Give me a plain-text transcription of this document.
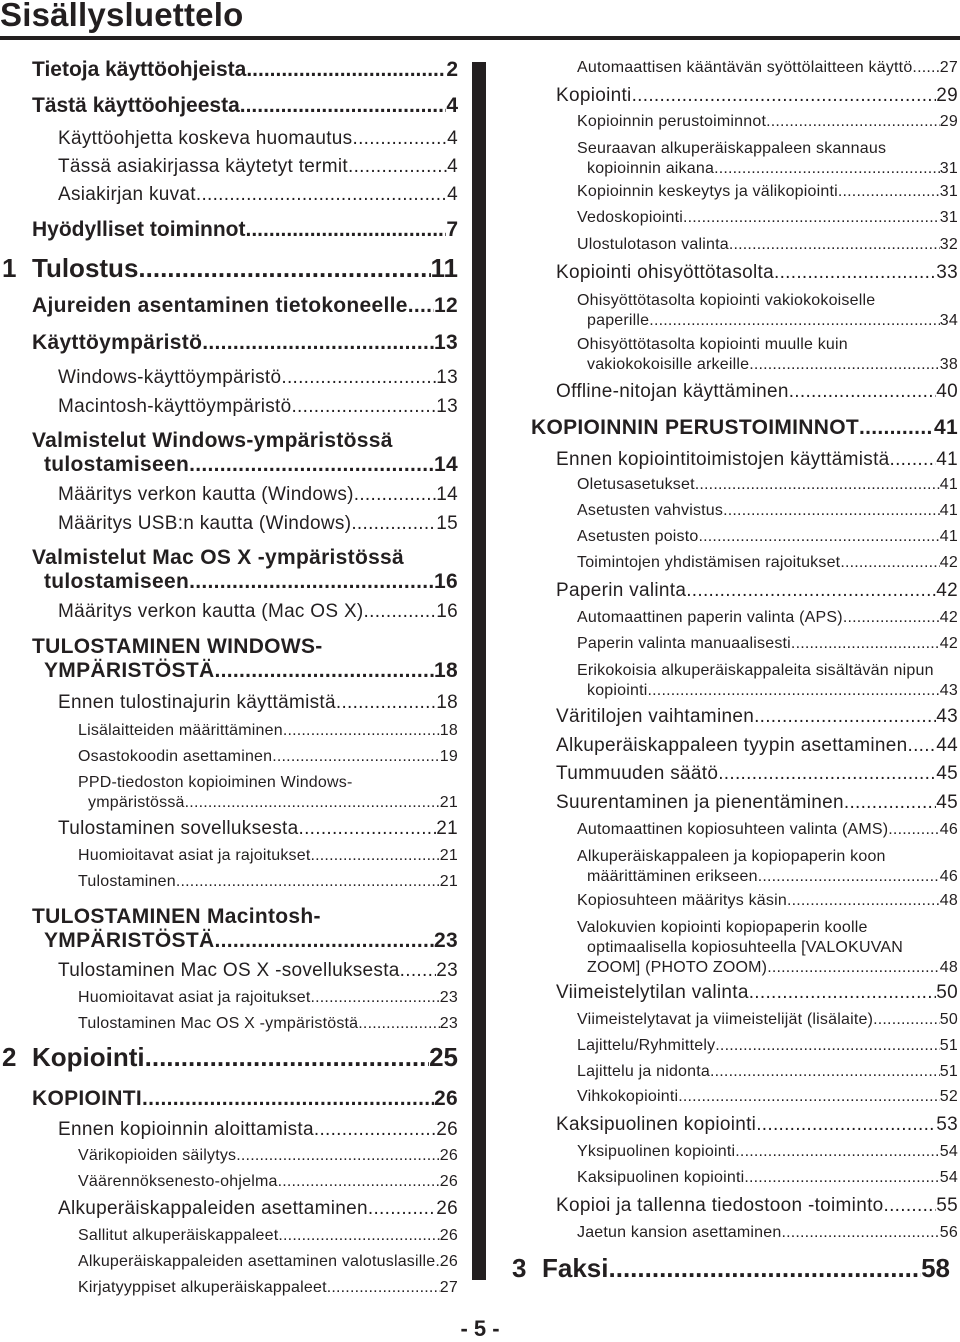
Sisällysluettelo
Tietoja käyttöohjeista .....	2
Tästä käyttöohjeesta .....	4
Käyttöohjetta koskeva huomautus .....	4
Tässä asiakirjassa käytetyt termit .....	4
Asiakirjan kuvat .....	4
Hyödylliset toiminnot .....	7
1 Tulostus .....	11
Ajureiden asentaminen tietokoneelle ..... 12
Käyttöympäristö .....	13
Windows-käyttöympäristö .....	13
Macintosh-käyttöympäristö .....	13
Valmistelut Windows-ympäristössä
tulostamiseen .....	14
Määritys verkon kautta (Windows) .....	14
Määritys USB:n kautta (Windows) .....	15
Valmistelut Mac OS X -ympäristössä
tulostamiseen .....	16
Määritys verkon kautta (Mac OS X) .....	16
TULOSTAMINEN WINDOWS-
YMPÄRISTÖSTÄ .....	18
Ennen tulostinajurin käyttämistä .....	18
Lisälaitteiden määrittäminen .....	18
Osastokoodin asettaminen .....	19
PPD-tiedoston kopioiminen Windows-
ympäristössä .....	21
Tulostaminen sovelluksesta .....	21
Huomioitavat asiat ja rajoitukset .....	21
Tulostaminen .....	21
TULOSTAMINEN Macintosh-
YMPÄRISTÖSTÄ .....	23
Tulostaminen Mac OS X -sovelluksesta ..... 23
Huomioitavat asiat ja rajoitukset .....	23
Tulostaminen Mac OS X -ympäristöstä .....	23
2 Kopiointi .....	25
KOPIOINTI .....	26
Ennen kopioinnin aloittamista .....	26
Värikopioiden säilytys .....	26
Väärennöksenesto-ohjelma .....	26
Alkuperäiskappaleiden asettaminen .....	26
Sallitut alkuperäiskappaleet .....	26
Alkuperäiskappaleiden asettaminen valotuslasille ..... 26
Kirjatyyppiset alkuperäiskappaleet .....	27
Automaattisen kääntävän syöttölaitteen käyttö ..... 27
Kopiointi .....	29
Kopioinnin perustoiminnot .....	29
Seuraavan alkuperäiskappaleen skannaus
kopioinnin aikana .....	31
Kopioinnin keskeytys ja välikopiointi .....	31
Vedoskopiointi .....	31
Ulostulotason valinta .....	32
Kopiointi ohisyöttötasolta .....	33
Ohisyöttötasolta kopiointi vakiokokoiselle
paperille .....	34
Ohisyöttötasolta kopiointi muulle kuin
vakiokokoisille arkeille .....	38
Offline-nitojan käyttäminen .....	40
KOPIOINNIN PERUSTOIMINNOT .....	41
Ennen kopiointitoimistojen käyttämistä ..... 41
Oletusasetukset .....	41
Asetusten vahvistus .....	41
Asetusten poisto .....	41
Toimintojen yhdistämisen rajoitukset .....	42
Paperin valinta .....	42
Automaattinen paperin valinta (APS) .....	42
Paperin valinta manuaalisesti .....	42
Erikokoisia alkuperäiskappaleita sisältävän nipun
kopiointi .....	43
Väritilojen vaihtaminen .....	43
Alkuperäiskappaleen tyypin asettaminen ..... 44
Tummuuden säätö .....	45
Suurentaminen ja pienentäminen .....	45
Automaattinen kopiosuhteen valinta (AMS) .....	46
Alkuperäiskappaleen ja kopiopaperin koon
määrittäminen erikseen .....	46
Kopiosuhteen määritys käsin .....	48
Valokuvien kopiointi kopiopaperin koolle
optimaalisella kopiosuhteella [VALOKUVAN
ZOOM] (PHOTO ZOOM) .....	48
Viimeistelytilan valinta .....	50
Viimeistelytavat ja viimeistelijät (lisälaite) .....	50
Lajittelu/Ryhmittely .....	51
Lajittelu ja nidonta .....	51
Vihkokopiointi .....	52
Kaksipuolinen kopiointi .....	53
Yksipuolinen kopiointi .....	54
Kaksipuolinen kopiointi .....	54
Kopioi ja tallenna tiedostoon -toiminto .....	55
Jaetun kansion asettaminen .....	56
3 Faksi .....	58
- 5 -
